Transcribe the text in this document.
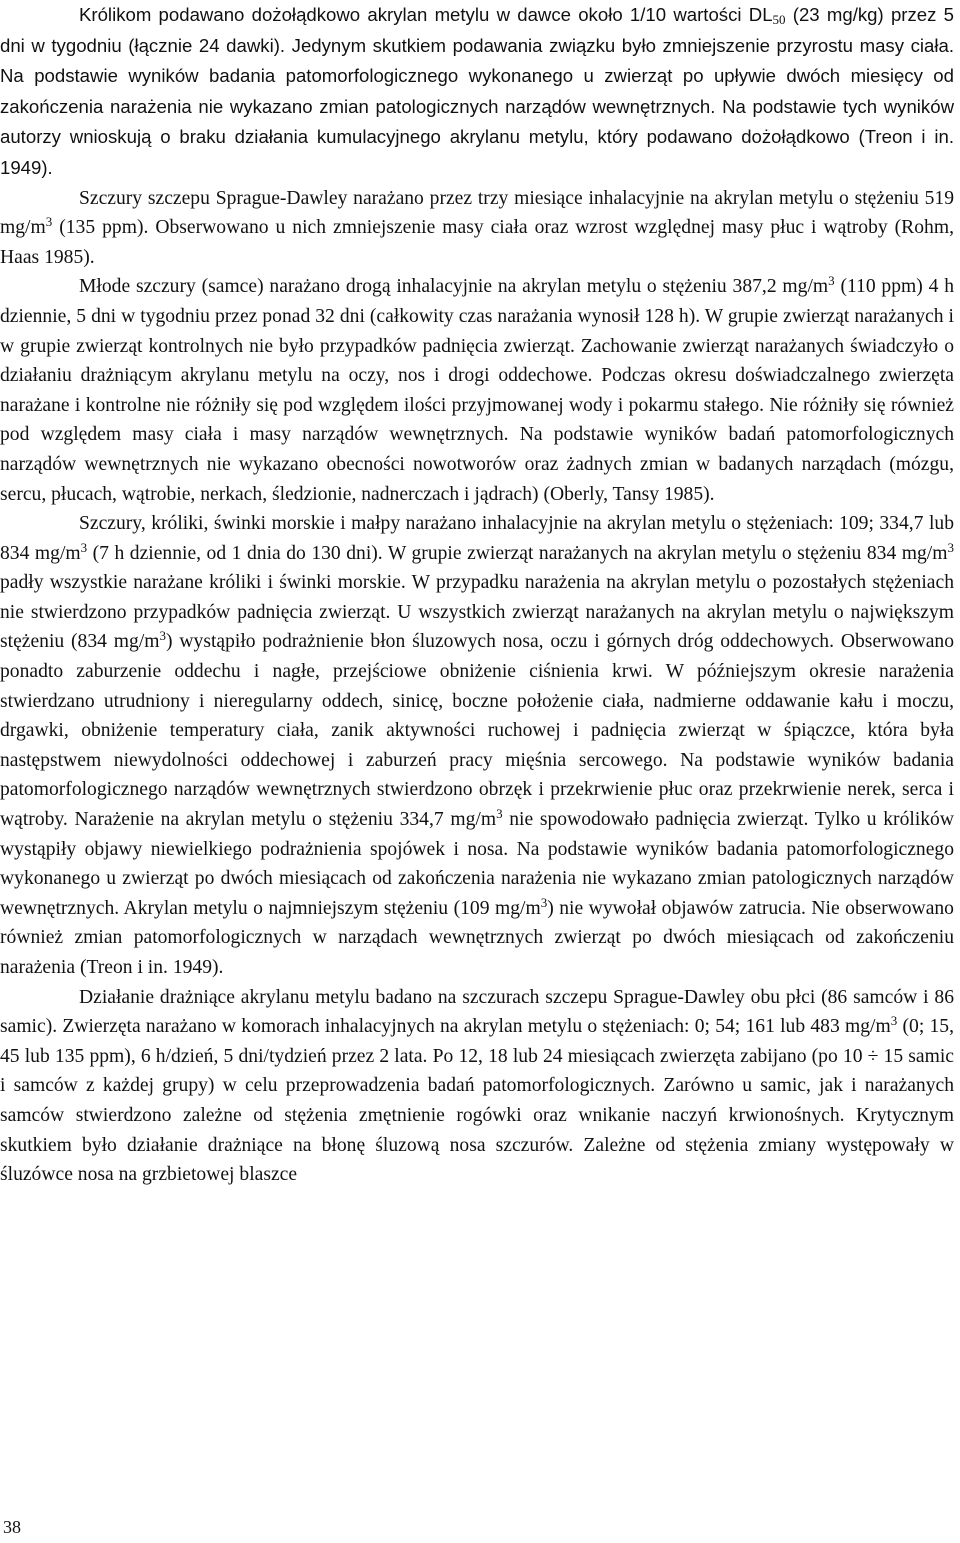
Królikom podawano dożołądkowo akrylan metylu w dawce około 1/10 wartości $DL_{50}$ (23 mg/kg) przez 5 dni w tygodniu (łącznie 24 dawki). Jedynym skutkiem podawania związku było zmniejszenie przyrostu masy ciała. Na podstawie wyników badania patomorfologicznego wykonanego u zwierząt po upływie dwóch miesięcy od zakończenia narażenia nie wykazano zmian patologicznych narządów wewnętrznych. Na podstawie tych wyników autorzy wnioskują o braku działania kumulacyjnego akrylanu metylu, który podawano dożołądkowo (Treon i in. 1949).

Szczury szczepu Sprague-Dawley narażano przez trzy miesiące inhalacyjnie na akrylan metylu o stężeniu 519 $mg/m^3$ (135 ppm). Obserwowano u nich zmniejszenie masy ciała oraz wzrost względnej masy płuc i wątroby (Rohm, Haas 1985).

Młode szczury (samce) narażano drogą inhalacyjnie na akrylan metylu o stężeniu 387,2 $mg/m^3$ (110 ppm) 4 h dziennie, 5 dni w tygodniu przez ponad 32 dni (całkowity czas narażania wynosił 128 h). W grupie zwierząt narażanych i w grupie zwierząt kontrolnych nie było przypadków padnięcia zwierząt. Zachowanie zwierząt narażanych świadczyło o działaniu drażniącym akrylanu metylu na oczy, nos i drogi oddechowe. Podczas okresu doświadczalnego zwierzęta narażane i kontrolne nie różniły się pod względem ilości przyjmowanej wody i pokarmu stałego. Nie różniły się również pod względem masy ciała i masy narządów wewnętrznych. Na podstawie wyników badań patomorfologicznych narządów wewnętrznych nie wykazano obecności nowotworów oraz żadnych zmian w badanych narządach (mózgu, sercu, płucach, wątrobie, nerkach, śledzionie, nadnerczach i jądrach) (Oberly, Tansy 1985).

Szczury, króliki, świnki morskie i małpy narażano inhalacyjnie na akrylan metylu o stężeniach: 109; 334,7 lub 834 $mg/m^3$ (7 h dziennie, od 1 dnia do 130 dni). W grupie zwierząt narażanych na akrylan metylu o stężeniu 834 $mg/m^3$ padły wszystkie narażane króliki i świnki morskie. W przypadku narażenia na akrylan metylu o pozostałych stężeniach nie stwierdzono przypadków padnięcia zwierząt. U wszystkich zwierząt narażanych na akrylan metylu o największym stężeniu (834 $mg/m^3$) wystąpiło podrażnienie błon śluzowych nosa, oczu i górnych dróg oddechowych. Obserwowano ponadto zaburzenie oddechu i nagłe, przejściowe obniżenie ciśnienia krwi. W późniejszym okresie narażenia stwierdzano utrudniony i nieregularny oddech, sinicę, boczne położenie ciała, nadmierne oddawanie kału i moczu, drgawki, obniżenie temperatury ciała, zanik aktywności ruchowej i padnięcia zwierząt w śpiączce, która była następstwem niewydolności oddechowej i zaburzeń pracy mięśnia sercowego. Na podstawie wyników badania patomorfologicznego narządów wewnętrznych stwierdzono obrzęk i przekrwienie płuc oraz przekrwienie nerek, serca i wątroby. Narażenie na akrylan metylu o stężeniu 334,7 $mg/m^3$ nie spowodowało padnięcia zwierząt. Tylko u królików wystąpiły objawy niewielkiego podrażnienia spojówek i nosa. Na podstawie wyników badania patomorfologicznego wykonanego u zwierząt po dwóch miesiącach od zakończenia narażenia nie wykazano zmian patologicznych narządów wewnętrznych. Akrylan metylu o najmniejszym stężeniu (109 $mg/m^3$) nie wywołał objawów zatrucia. Nie obserwowano również zmian patomorfologicznych w narządach wewnętrznych zwierząt po dwóch miesiącach od zakończeniu narażenia (Treon i in. 1949).

Działanie drażniące akrylanu metylu badano na szczurach szczepu Sprague-Dawley obu płci (86 samców i 86 samic). Zwierzęta narażano w komorach inhalacyjnych na akrylan metylu o stężeniach: 0; 54; 161 lub 483 $mg/m^3$ (0; 15, 45 lub 135 ppm), 6 h/dzień, 5 dni/tydzień przez 2 lata. Po 12, 18 lub 24 miesiącach zwierzęta zabijano (po 10 ÷ 15 samic i samców z każdej grupy) w celu przeprowadzenia badań patomorfologicznych. Zarówno u samic, jak i narażanych samców stwierdzono zależne od stężenia zmętnienie rogówki oraz wnikanie naczyń krwionośnych. Krytycznym skutkiem było działanie drażniące na błonę śluzową nosa szczurów. Zależne od stężenia zmiany występowały w śluzówce nosa na grzbietowej blaszce

38
